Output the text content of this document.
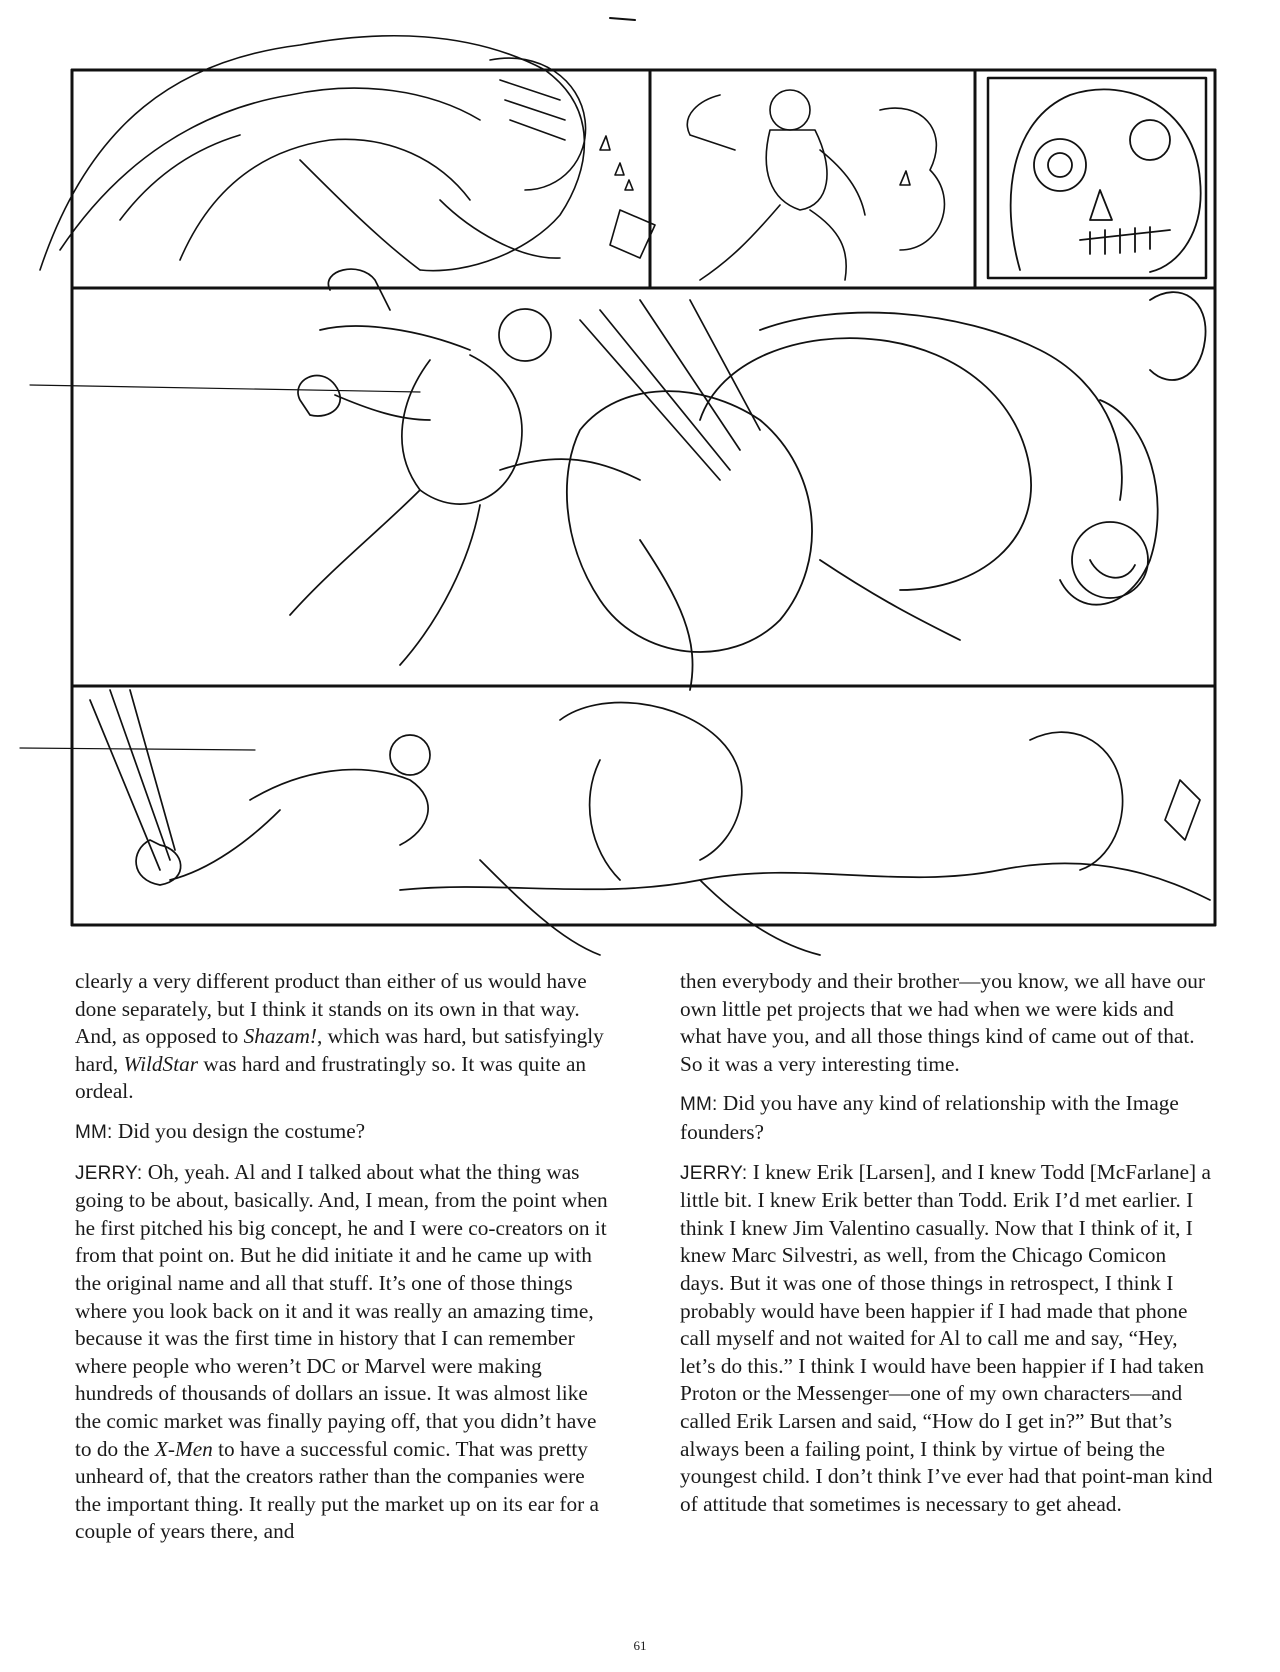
clearly a very different product than either of us would have done separately, but I think it stands on its own in that way. And, as opposed to Shazam!, which was hard, but satisfyingly hard, WildStar was hard and frustratingly so. It was quite an ordeal.

MM: Did you design the costume?

JERRY: Oh, yeah. Al and I talked about what the thing was going to be about, basically. And, I mean, from the point when he first pitched his big concept, he and I were co-creators on it from that point on. But he did initiate it and he came up with the original name and all that stuff. It’s one of those things where you look back on it and it was really an amazing time, because it was the first time in history that I can remember where people who weren’t DC or Marvel were making hundreds of thousands of dollars an issue. It was almost like the comic market was finally paying off, that you didn’t have to do the X-Men to have a successful comic. That was pretty unheard of, that the creators rather than the companies were the important thing. It really put the market up on its ear for a couple of years there, and

then everybody and their brother—you know, we all have our own little pet projects that we had when we were kids and what have you, and all those things kind of came out of that. So it was a very interesting time.

MM: Did you have any kind of relationship with the Image founders?

JERRY: I knew Erik [Larsen], and I knew Todd [McFarlane] a little bit. I knew Erik better than Todd. Erik I’d met earlier. I think I knew Jim Valentino casually. Now that I think of it, I knew Marc Silvestri, as well, from the Chicago Comicon days. But it was one of those things in retrospect, I think I probably would have been happier if I had made that phone call myself and not waited for Al to call me and say, “Hey, let’s do this.” I think I would have been happier if I had taken Proton or the Messenger—one of my own characters—and called Erik Larsen and said, “How do I get in?” But that’s always been a failing point, I think by virtue of being the youngest child. I don’t think I’ve ever had that point-man kind of attitude that sometimes is necessary to get ahead.

61
